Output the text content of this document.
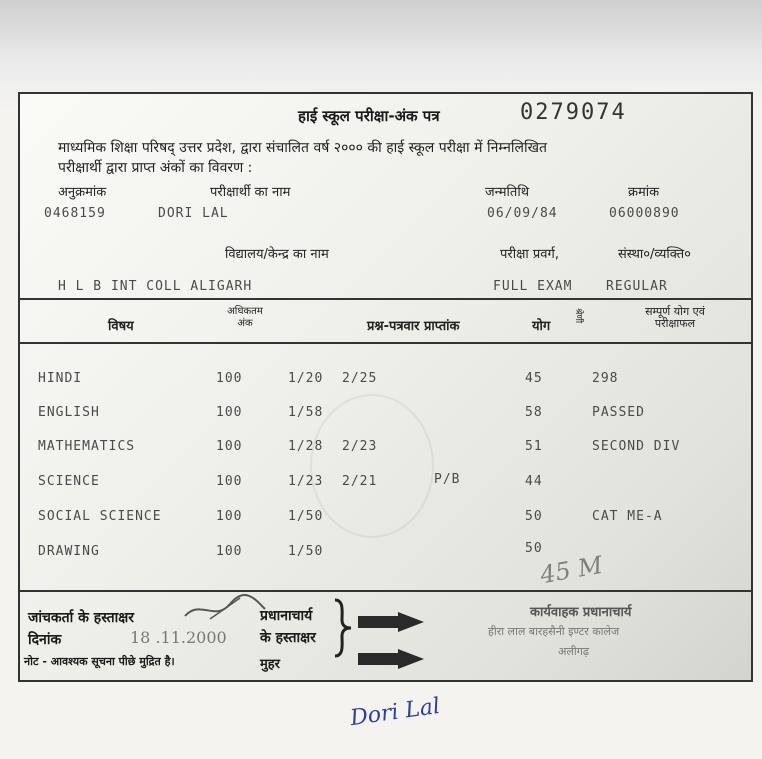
हाई स्कूल परीक्षा-अंक पत्र	0279074
माध्यमिक शिक्षा परिषद् उत्तर प्रदेश, द्वारा संचालित वर्ष २००० की हाई स्कूल परीक्षा में निम्नलिखित
परीक्षार्थी द्वारा प्राप्त अंकों का विवरण :
अनुक्रमांक	परीक्षार्थी का नाम	जन्मतिथि	क्रमांक
0468159	DORI LAL	06/09/84	06000890
विद्यालय/केन्द्र का नाम	परीक्षा प्रवर्ग,	संस्था०/व्यक्ति०
H L B INT COLL ALIGARH	FULL EXAM	REGULAR
विषय
अधिकतम
अंक	प्रश्न-पत्रवार प्राप्तांक	योग
श्रेणी	सम्पूर्ण योग एवं
परीक्षाफल
HINDI	100	1/20 2/25	45	298
ENGLISH	100	1/58	58	PASSED
MATHEMATICS	100	1/28 2/23	51	SECOND DIV
SCIENCE	100	1/23 2/21	P/B	44
SOCIAL SCIENCE	100	1/50	50	CAT ME-A
DRAWING	100	1/50	50
45 M
जांचकर्ता के हस्ताक्षर
दिनांक	18 .11.2000
नोट - आवश्यक सूचना पीछे मुद्रित है।
प्रधानाचार्य
के हस्ताक्षर
मुहर
कार्यवाहक प्रधानाचार्य
हीरा लाल बारहसैनी इण्टर कालेज
अलीगढ़
Dori Lal
